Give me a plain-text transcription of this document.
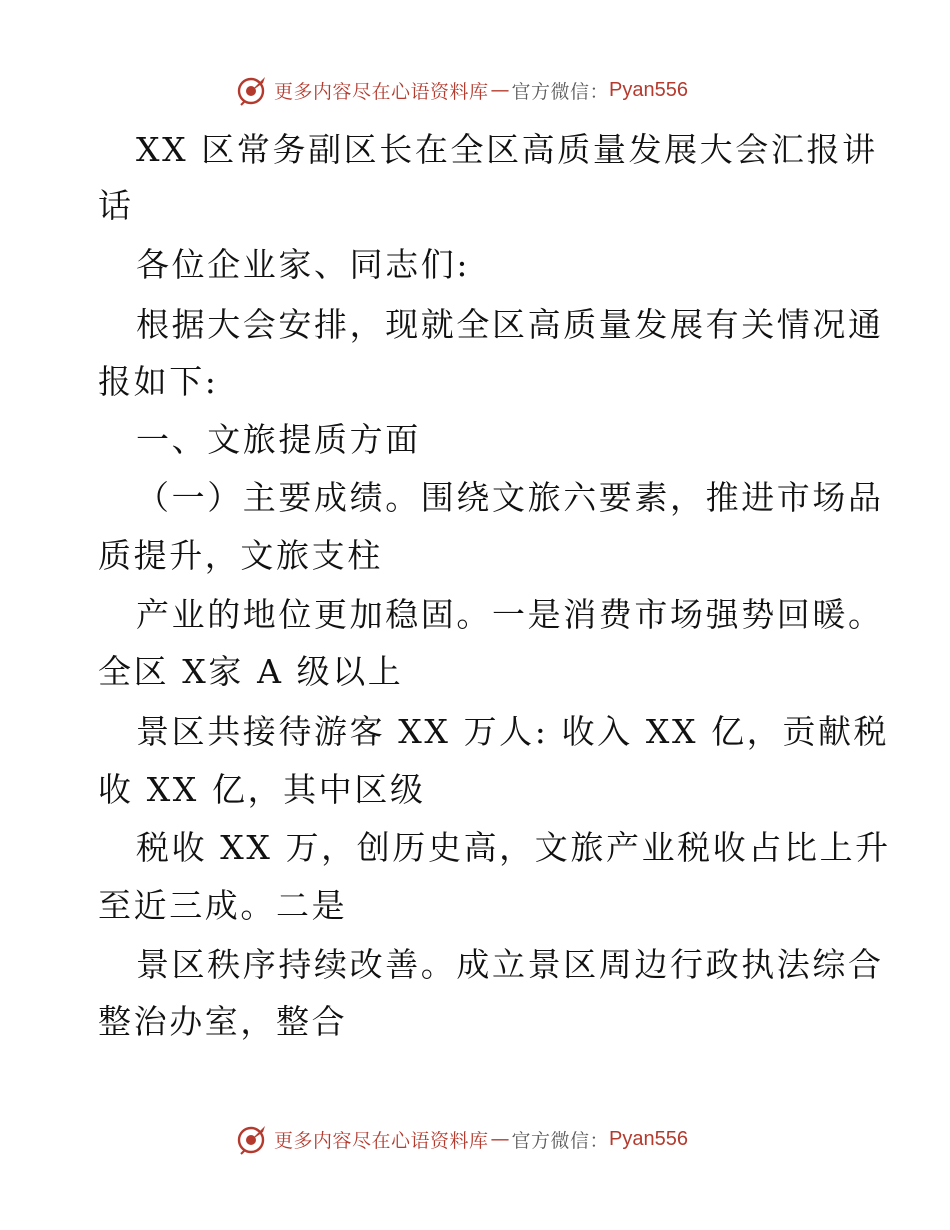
更多内容尽在心语资料库 — 官方微信： Pyan556
XX 区常务副区长在全区高质量发展大会汇报讲
话
各位企业家、同志们:
根据大会安排，现就全区高质量发展有关情况通
报如下:
一、文旅提质方面
（一）主要成绩。围绕文旅六要素，推进市场品
质提升，文旅支柱
产业的地位更加稳固。一是消费市场强势回暖。
全区 X家 A 级以上
景区共接待游客 XX 万人: 收入 XX 亿，贡献税
收 XX 亿，其中区级
税收 XX 万，创历史高，文旅产业税收占比上升
至近三成。二是
景区秩序持续改善。成立景区周边行政执法综合
整治办室，整合
更多内容尽在心语资料库 — 官方微信： Pyan556
